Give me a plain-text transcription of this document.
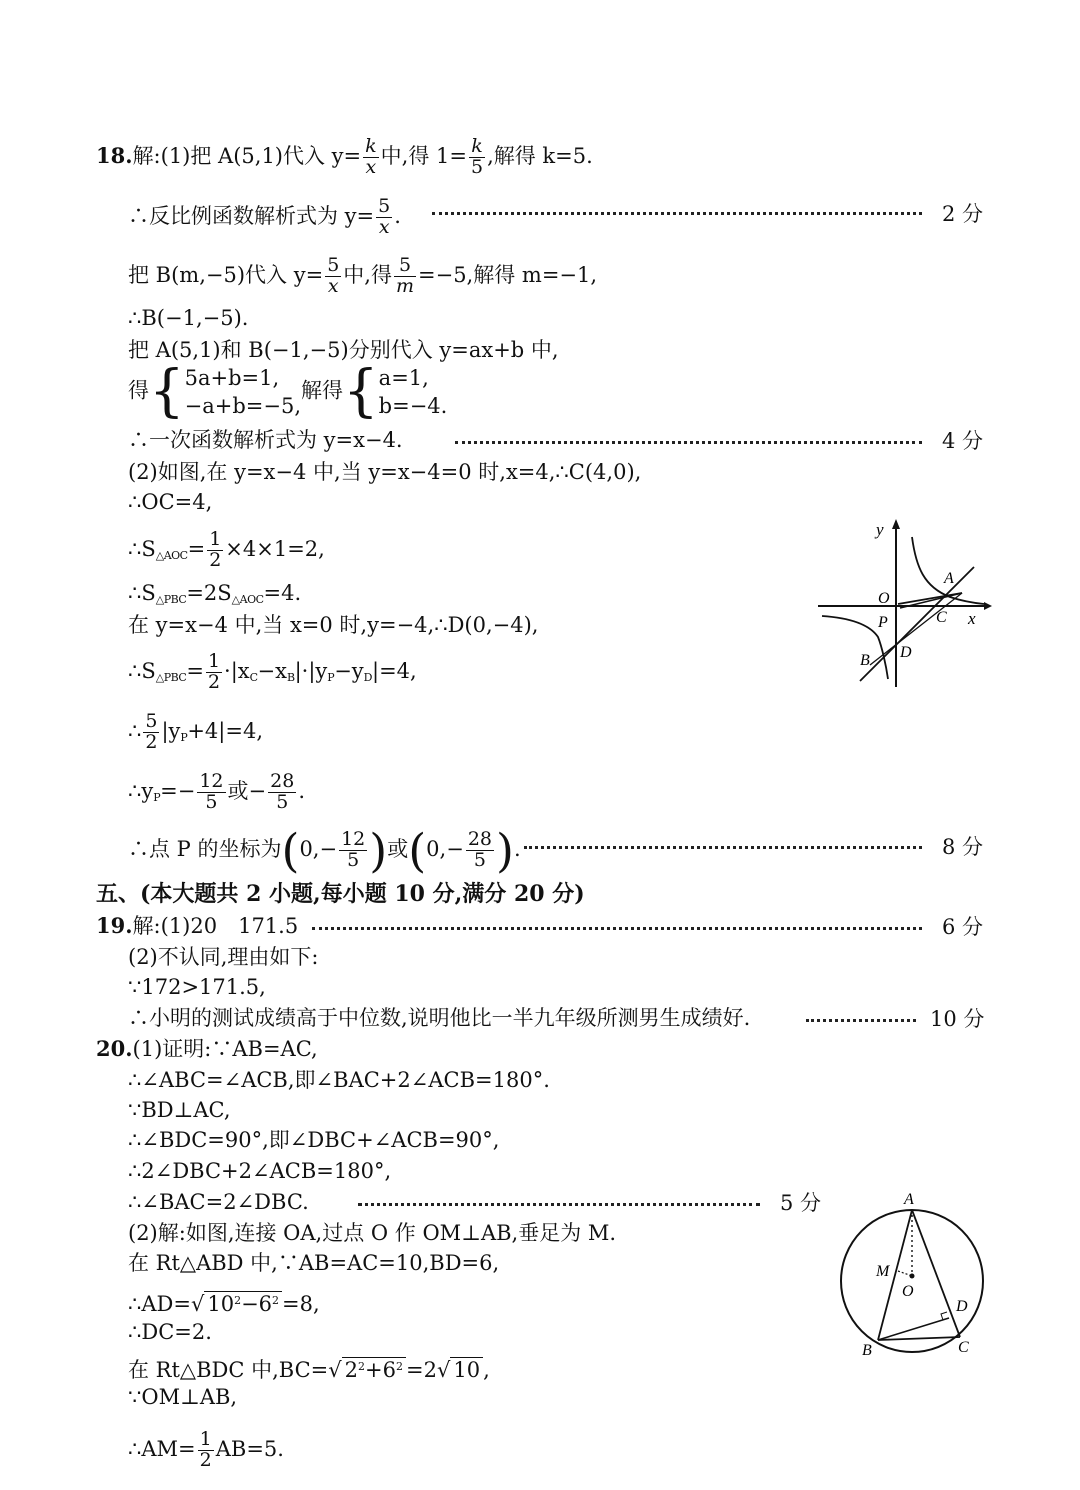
18.解:(1)把 A(5,1)代入 $y= \frac{k}{x}$ 中,得 $1= \frac{k}{5}$ ,解得 k=5.
∴反比例函数解析式为 $y= \frac{5}{x}$ .	2 分
把 B(m,−5)代入 $y= \frac{5}{x}$ 中,得 $\frac{5}{m} =-5$,解得 m=−1,
∴B(−1,−5).
把 A(5,1)和 B(−1,−5)分别代入 y=ax+b 中,
得{5a+b=1,
−a+b=−5,解得{a=1,
b=−4.
∴一次函数解析式为 y=x−4.	4 分
(2)如图,在 y=x−4 中,当 y=x−4=0 时,x=4,∴C(4,0),
∴OC=4,
$\therefore S_{\triangle AOC}= \frac{1}{2} \times 4\times 1=2$,
$\therefore S_{\triangle PBC}=2S_{\triangle AOC}=4$.
在 y=x−4 中,当 x=0 时,y=−4,∴D(0,−4),
$\therefore S_{\triangle PBC}= \frac{1}{2} \cdot|x_C-x_B|\cdot|y_P-y_D|=4$,
∴ $\frac{5}{2} |y_P+4|=4$,
$\therefore y_P=- \frac{12}{5}$ 或− $\frac{28}{5}$ .
∴点 P 的坐标为($0,- \frac{12}{5}$ )或($0,- \frac{28}{5}$ ).	8 分
y
x
O
A
C
P
B D
五、(本大题共 2 小题,每小题 10 分,满分 20 分)
19.解:(1)20　171.5	6 分
(2)不认同,理由如下:
∵172>171.5,
∴小明的测试成绩高于中位数,说明他比一半九年级所测男生成绩好.	10 分
20.(1)证明:∵AB=AC,
∴∠ABC=∠ACB,即∠BAC+2∠ACB=180°.
∵BD⊥AC,
∴∠BDC=90°,即∠DBC+∠ACB=90°,
∴2∠DBC+2∠ACB=180°,
∴∠BAC=2∠DBC.	5 分
(2)解:如图,连接 OA,过点 O 作 OM⊥AB,垂足为 M.
在 Rt△ABD 中,∵AB=AC=10,BD=6,
∴AD=√ $10^2-6^2 =8$,
∴DC=2.
在 Rt△BDC 中,BC=√ $2^2+6^2 =2√$ 10 ,
∵OM⊥AB,
∴AM= $\frac{1}{2} AB=5$.
A
M
O
D
B	C
